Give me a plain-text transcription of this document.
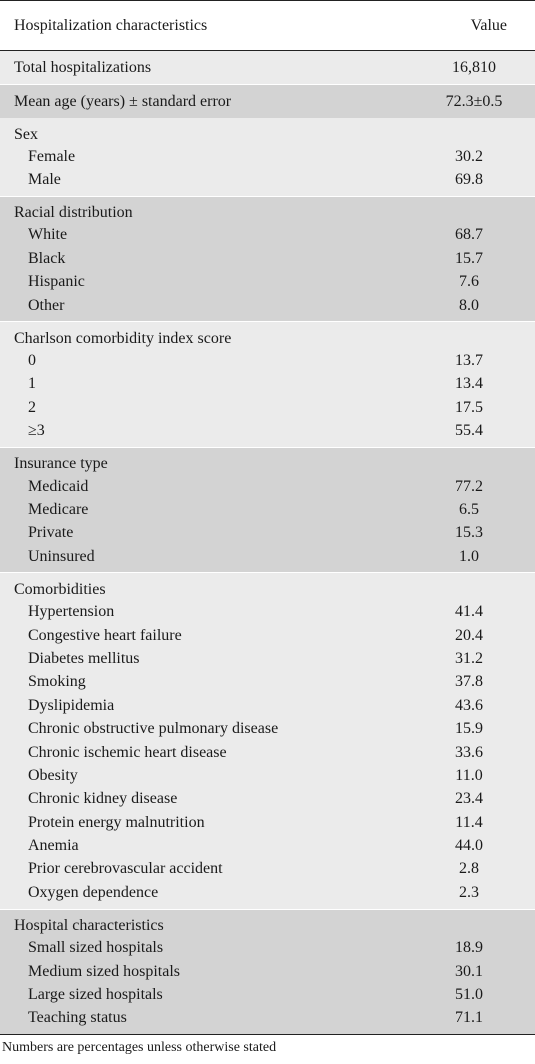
Hospitalization characteristics	Value
Total hospitalizations	16,810
Mean age (years) ± standard error	72.3±0.5
Sex
Female	30.2
Male	69.8
Racial distribution
White	68.7
Black	15.7
Hispanic	7.6
Other	8.0
Charlson comorbidity index score
0	13.7
1	13.4
2	17.5
≥3	55.4
Insurance type
Medicaid	77.2
Medicare	6.5
Private	15.3
Uninsured	1.0
Comorbidities
Hypertension	41.4
Congestive heart failure	20.4
Diabetes mellitus	31.2
Smoking	37.8
Dyslipidemia	43.6
Chronic obstructive pulmonary disease	15.9
Chronic ischemic heart disease	33.6
Obesity	11.0
Chronic kidney disease	23.4
Protein energy malnutrition	11.4
Anemia	44.0
Prior cerebrovascular accident	2.8
Oxygen dependence	2.3
Hospital characteristics
Small sized hospitals	18.9
Medium sized hospitals	30.1
Large sized hospitals	51.0
Teaching status	71.1
Numbers are percentages unless otherwise stated
